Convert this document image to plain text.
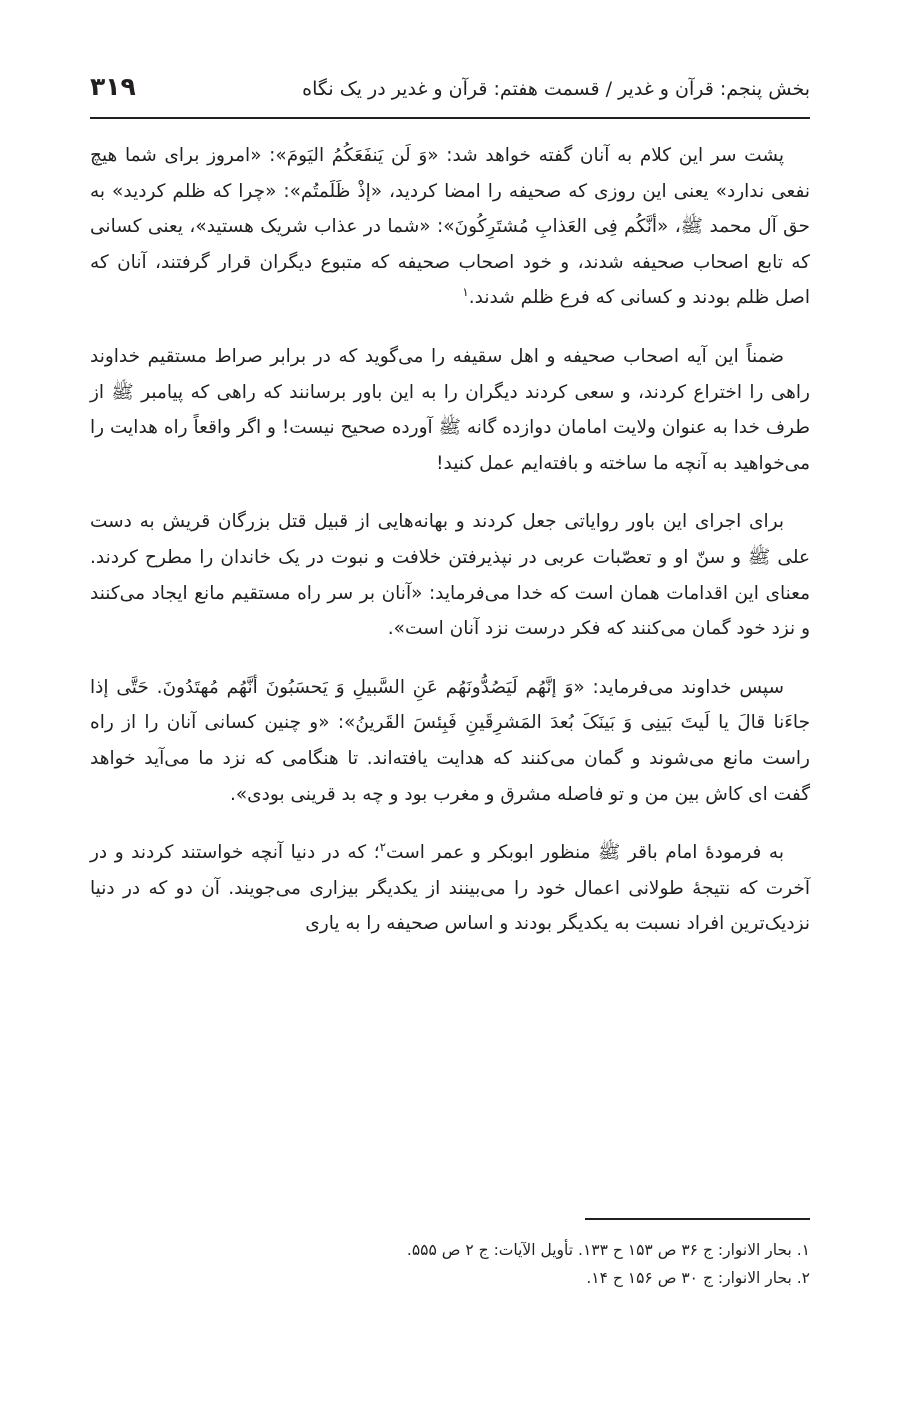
بخش پنجم: قرآن و غدیر / قسمت هفتم: قرآن و غدیر در یک نگاه
۳۱۹

پشت سر این کلام به آنان گفته خواهد شد: «وَ لَن یَنفَعَکُمُ الیَومَ»: «امروز برای شما هیچ نفعی ندارد» یعنی این روزی که صحیفه را امضا کردید، «إذْ ظَلَمتُم»: «چرا که ظلم کردید» به حق آل محمد ﷺ، «أنَّکُم فِی العَذابِ مُشتَرِکُونَ»: «شما در عذاب شریک هستید»، یعنی کسانی که تابع اصحاب صحیفه شدند، و خود اصحاب صحیفه که متبوع دیگران قرار گرفتند، آنان که اصل ظلم بودند و کسانی که فرع ظلم شدند.$^۱$

ضمناً این آیه اصحاب صحیفه و اهل سقیفه را می‌گوید که در برابر صراط مستقیم خداوند راهی را اختراع کردند، و سعی کردند دیگران را به این باور برسانند که راهی که پیامبر ﷺ از طرف خدا به عنوان ولایت امامان دوازده گانه ﷺ آورده صحیح نیست! و اگر واقعاً راه هدایت را می‌خواهید به آنچه ما ساخته و بافته‌ایم عمل کنید!

برای اجرای این باور روایاتی جعل کردند و بهانه‌هایی از قبیل قتل بزرگان قریش به دست علی ﷺ و سنّ او و تعصّبات عربی در نپذیرفتن خلافت و نبوت در یک خاندان را مطرح کردند. معنای این اقدامات همان است که خدا می‌فرماید: «آنان بر سر راه مستقیم مانع ایجاد می‌کنند و نزد خود گمان می‌کنند که فکر درست نزد آنان است».

سپس خداوند می‌فرماید: «وَ إنَّهُم لَیَصُدُّونَهُم عَنِ السَّبیلِ وَ یَحسَبُونَ أنَّهُم مُهتَدُونَ. حَتَّی إذا جاءَنا قالَ یا لَیتَ بَینِی وَ بَینَکَ بُعدَ المَشرِقَینِ فَبِئسَ القَرینُ»: «و چنین کسانی آنان را از راه راست مانع می‌شوند و گمان می‌کنند که هدایت یافته‌اند. تا هنگامی که نزد ما می‌آید خواهد گفت ای کاش بین من و تو فاصله مشرق و مغرب بود و چه بد قرینی بودی».

به فرمودهٔ امام باقر ﷺ منظور ابوبکر و عمر است$^۲$؛ که در دنیا آنچه خواستند کردند و در آخرت که نتیجهٔ طولانی اعمال خود را می‌بینند از یکدیگر بیزاری می‌جویند. آن دو که در دنیا نزدیک‌ترین افراد نسبت به یکدیگر بودند و اساس صحیفه را به یاری

۱. بحار الانوار: ج ۳۶ ص ۱۵۳ ح ۱۳۳. تأویل الآیات: ج ۲ ص ۵۵۵.

۲. بحار الانوار: ج ۳۰ ص ۱۵۶ ح ۱۴.
